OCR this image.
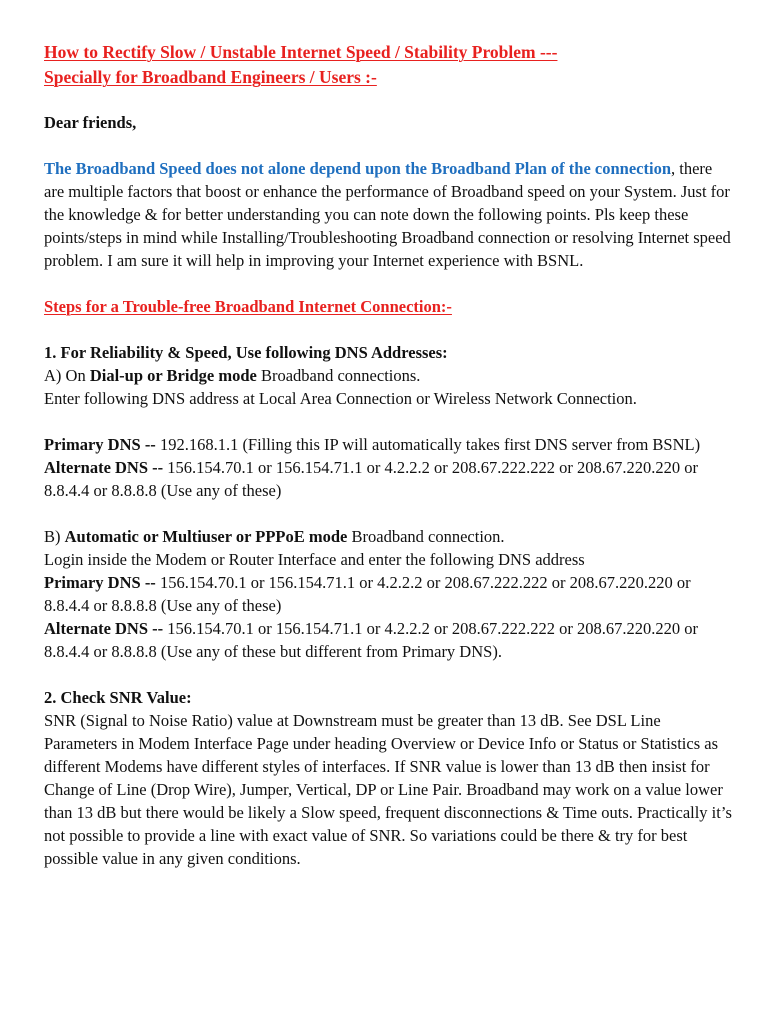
How to Rectify Slow / Unstable Internet Speed / Stability Problem ---

Specially for Broadband Engineers / Users :-

Dear friends,

The Broadband Speed does not alone depend upon the Broadband Plan of the connection, there are multiple factors that boost or enhance the performance of Broadband speed on your System. Just for the knowledge & for better understanding you can note down the following points. Pls keep these points/steps in mind while Installing/Troubleshooting Broadband connection or resolving Internet speed problem. I am sure it will help in improving your Internet experience with BSNL.

Steps for a Trouble-free Broadband Internet Connection:-

1. For Reliability & Speed, Use following DNS Addresses:

A) On Dial-up or Bridge mode Broadband connections.

Enter following DNS address at Local Area Connection or Wireless Network Connection.

Primary DNS -- 192.168.1.1 (Filling this IP will automatically takes first DNS server from BSNL)

Alternate DNS -- 156.154.70.1 or 156.154.71.1 or 4.2.2.2 or 208.67.222.222 or 208.67.220.220 or 8.8.4.4 or 8.8.8.8 (Use any of these)

B) Automatic or Multiuser or PPPoE mode Broadband connection.

Login inside the Modem or Router Interface and enter the following DNS address

Primary DNS -- 156.154.70.1 or 156.154.71.1 or 4.2.2.2 or 208.67.222.222 or 208.67.220.220 or 8.8.4.4 or 8.8.8.8 (Use any of these)

Alternate DNS -- 156.154.70.1 or 156.154.71.1 or 4.2.2.2 or 208.67.222.222 or 208.67.220.220 or 8.8.4.4 or 8.8.8.8 (Use any of these but different from Primary DNS).

2. Check SNR Value:

SNR (Signal to Noise Ratio) value at Downstream must be greater than 13 dB. See DSL Line Parameters in Modem Interface Page under heading Overview or Device Info or Status or Statistics as different Modems have different styles of interfaces. If SNR value is lower than 13 dB then insist for Change of Line (Drop Wire), Jumper, Vertical, DP or Line Pair. Broadband may work on a value lower than 13 dB but there would be likely a Slow speed, frequent disconnections & Time outs. Practically it’s not possible to provide a line with exact value of SNR. So variations could be there & try for best possible value in any given conditions.
